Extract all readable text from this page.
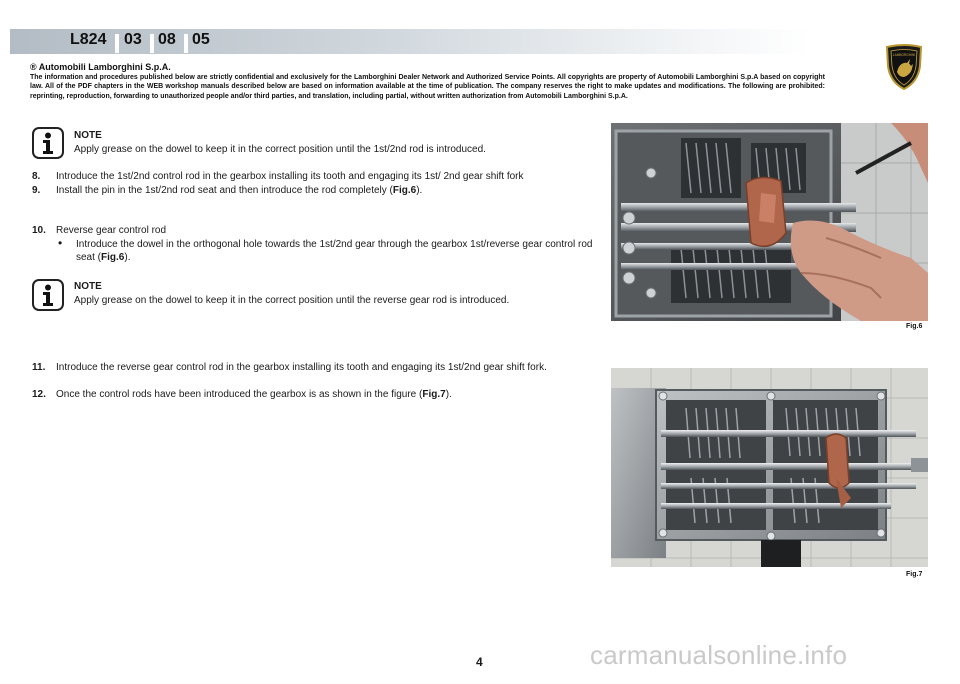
L824 03 08 05
LAMBORGHINI
® Automobili Lamborghini S.p.A.
The information and procedures published below are strictly confidential and exclusively for the Lamborghini Dealer Network and Authorized Service Points. All copyrights are property of Automobili Lamborghini S.p.A based on copyright law. All of the PDF chapters in the WEB workshop manuals described below are based on information available at the time of publication. The company reserves the right to make updates and modifications. The following are prohibited: reprinting, reproduction, forwarding to unauthorized people and/or third parties, and translation, including partial, without written authorization from Automobili Lamborghini S.p.A.
NOTE
Apply grease on the dowel to keep it in the correct position until the 1st/2nd rod is introduced.
8. Introduce the 1st/2nd control rod in the gearbox installing its tooth and engaging its 1st/ 2nd gear shift fork
9. Install the pin in the 1st/2nd rod seat and then introduce the rod completely (Fig.6).
10. Reverse gear control rod
• Introduce the dowel in the orthogonal hole towards the 1st/2nd gear through the gearbox 1st/reverse gear control rod seat (Fig.6).
NOTE
Apply grease on the dowel to keep it in the correct position until the reverse gear rod is introduced.
11. Introduce the reverse gear control rod in the gearbox installing its tooth and engaging its 1st/2nd gear shift fork.
12. Once the control rods have been introduced the gearbox is as shown in the figure (Fig.7).
Fig.6
Fig.7
4	carmanualsonline.info
